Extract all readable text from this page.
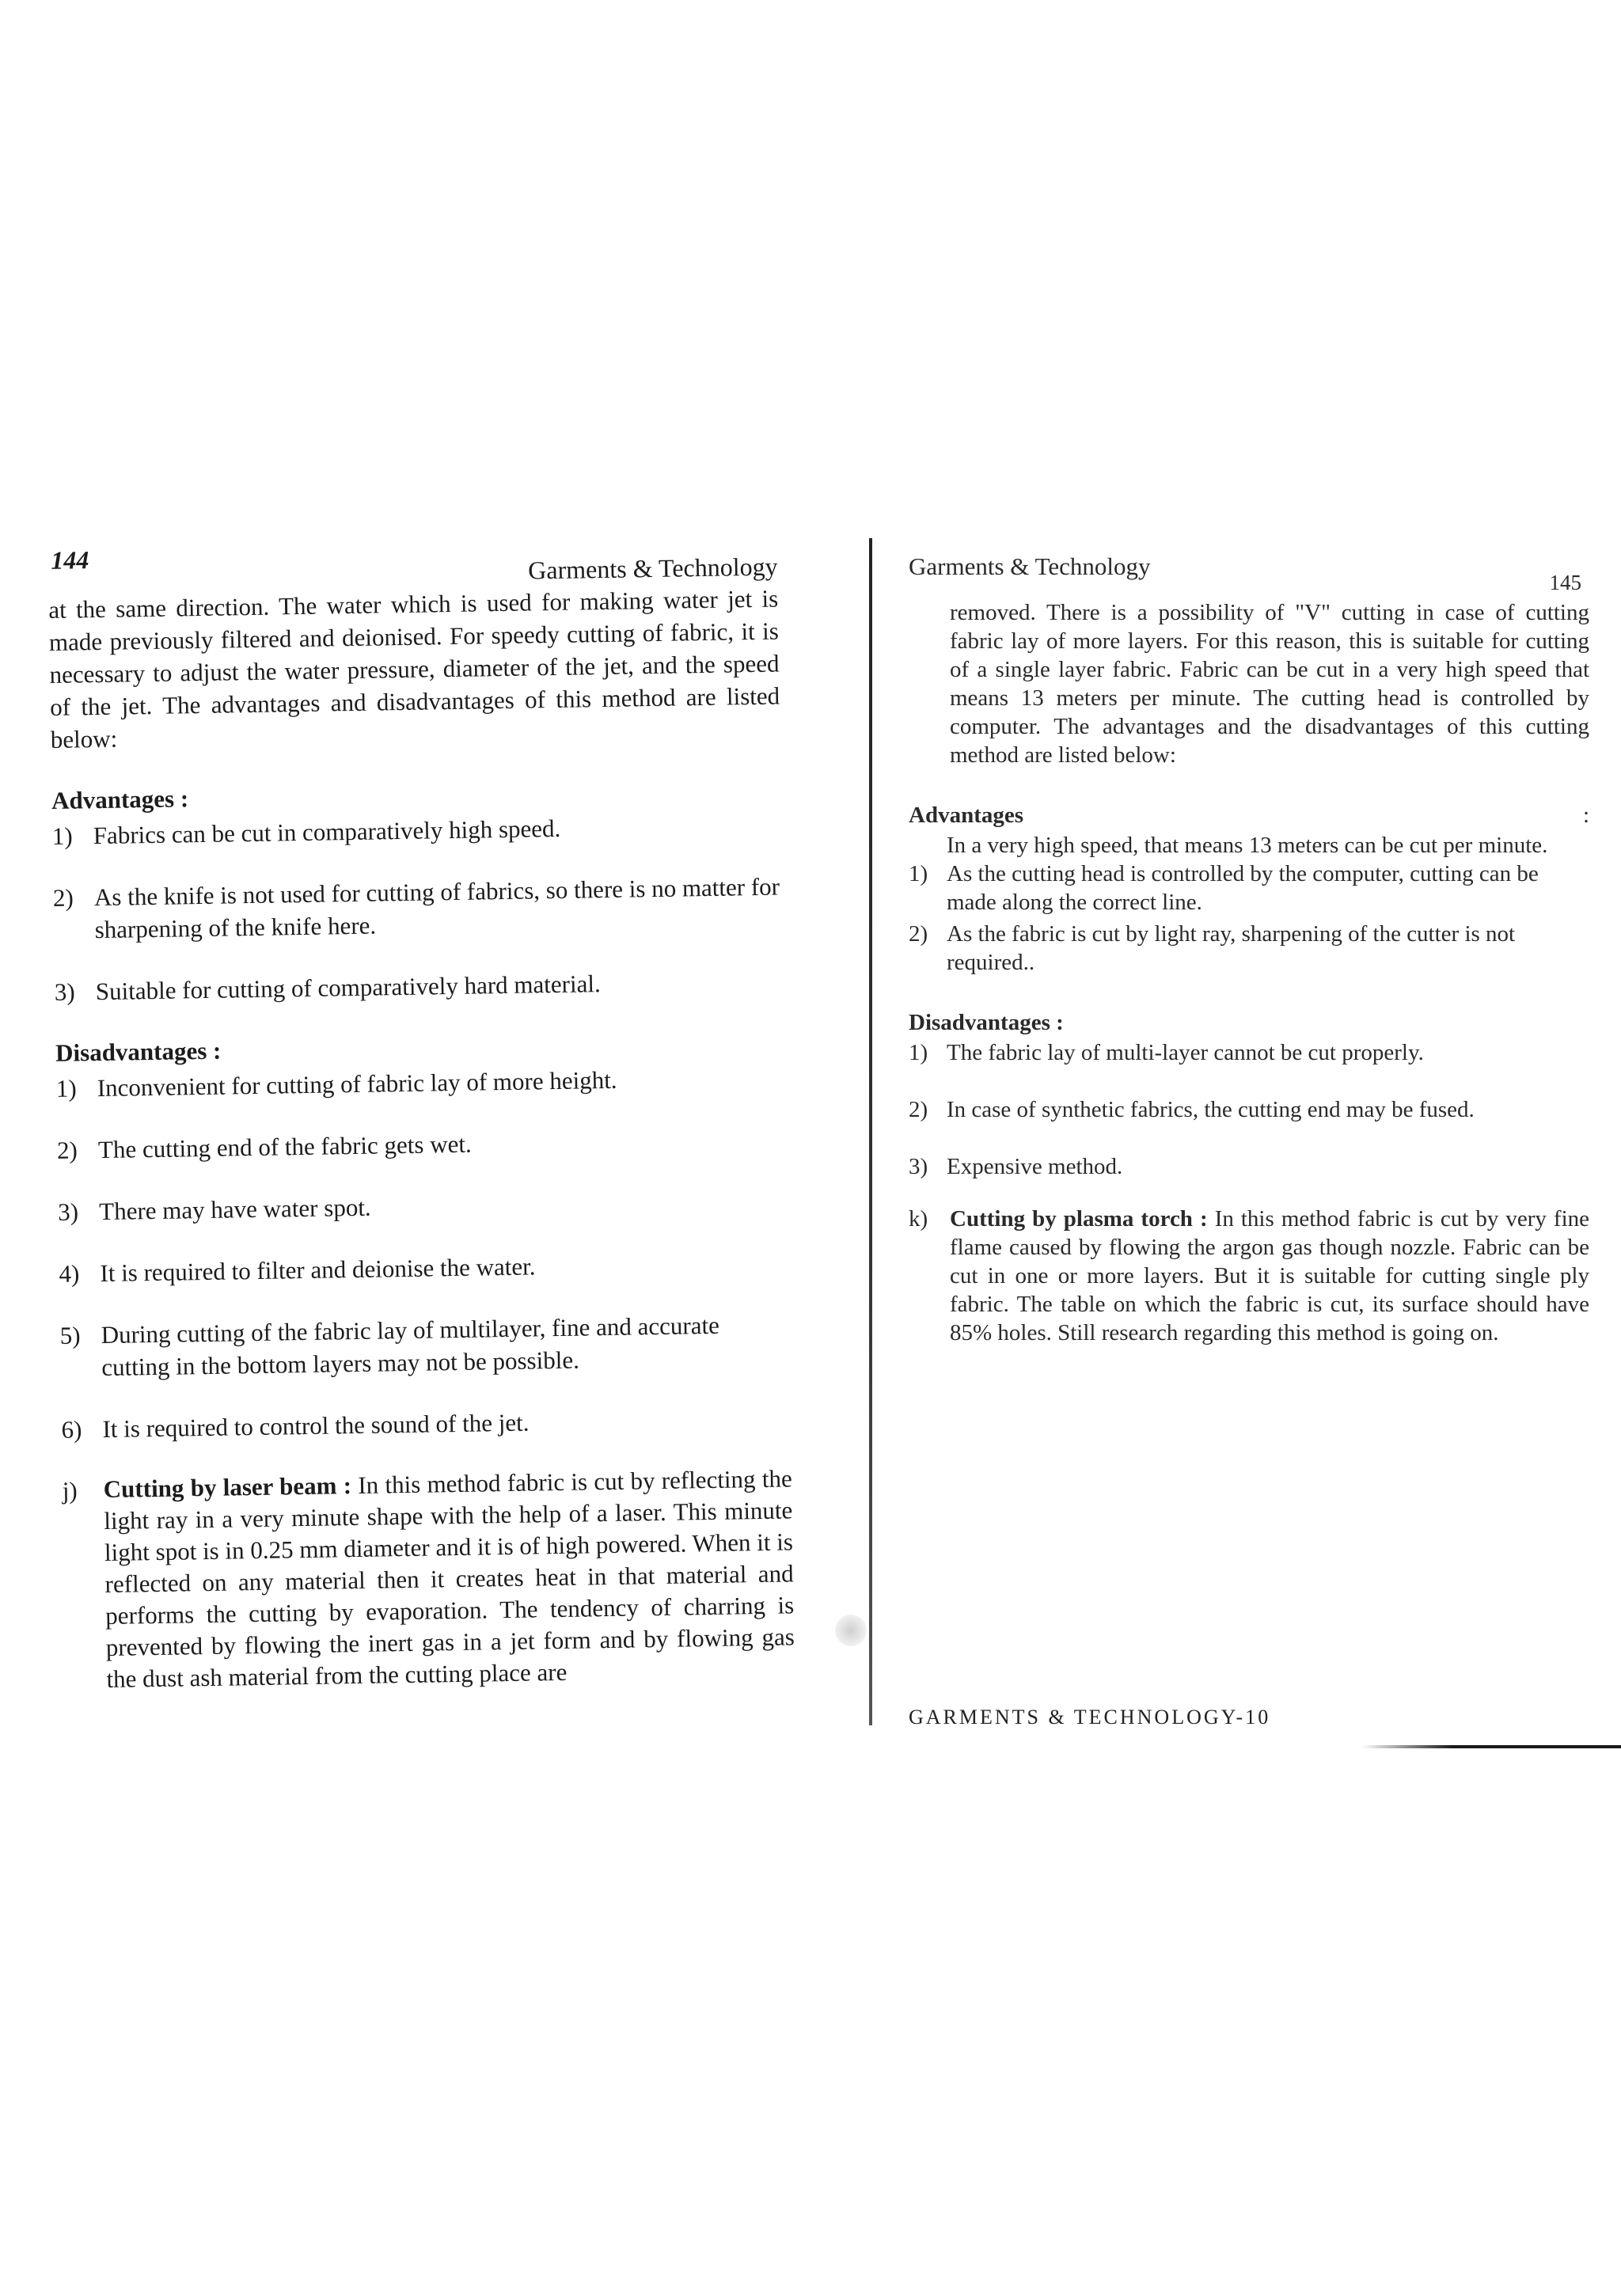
144	Garments & Technology

at the same direction. The water which is used for making water jet is made previously filtered and deionised. For speedy cutting of fabric, it is necessary to adjust the water pressure, diameter of the jet, and the speed of the jet. The advantages and disadvantages of this method are listed below:

Advantages :
1) Fabrics can be cut in comparatively high speed.
2) As the knife is not used for cutting of fabrics, so there is no matter for sharpening of the knife here.
3) Suitable for cutting of comparatively hard material.
Disadvantages :
1) Inconvenient for cutting of fabric lay of more height.
2) The cutting end of the fabric gets wet.
3) There may have water spot.
4) It is required to filter and deionise the water.
5) During cutting of the fabric lay of multilayer, fine and accurate cutting in the bottom layers may not be possible.
6) It is required to control the sound of the jet.
j)	Cutting by laser beam : In this method fabric is cut by reflecting the light ray in a very minute shape with the help of a laser. This minute light spot is in 0.25 mm diameter and it is of high powered. When it is reflected on any material then it creates heat in that material and performs the cutting by evaporation. The tendency of charring is prevented by flowing the inert gas in a jet form and by flowing gas the dust ash material from the cutting place are
Garments & Technology
145

removed. There is a possibility of "V" cutting in case of cutting fabric lay of more layers. For this reason, this is suitable for cutting of a single layer fabric. Fabric can be cut in a very high speed that means 13 meters per minute. The cutting head is controlled by computer. The advantages and the disadvantages of this cutting method are listed below:

Advantages	:

In a very high speed, that means 13 meters can be cut per minute.

1) As the cutting head is controlled by the computer, cutting can be made along the correct line.
2) As the fabric is cut by light ray, sharpening of the cutter is not required..
Disadvantages :
1) The fabric lay of multi-layer cannot be cut properly.
2) In case of synthetic fabrics, the cutting end may be fused.
3) Expensive method.
k) Cutting by plasma torch : In this method fabric is cut by very fine flame caused by flowing the argon gas though nozzle. Fabric can be cut in one or more layers. But it is suitable for cutting single ply fabric. The table on which the fabric is cut, its surface should have 85% holes. Still research regarding this method is going on.
GARMENTS & TECHNOLOGY-10
